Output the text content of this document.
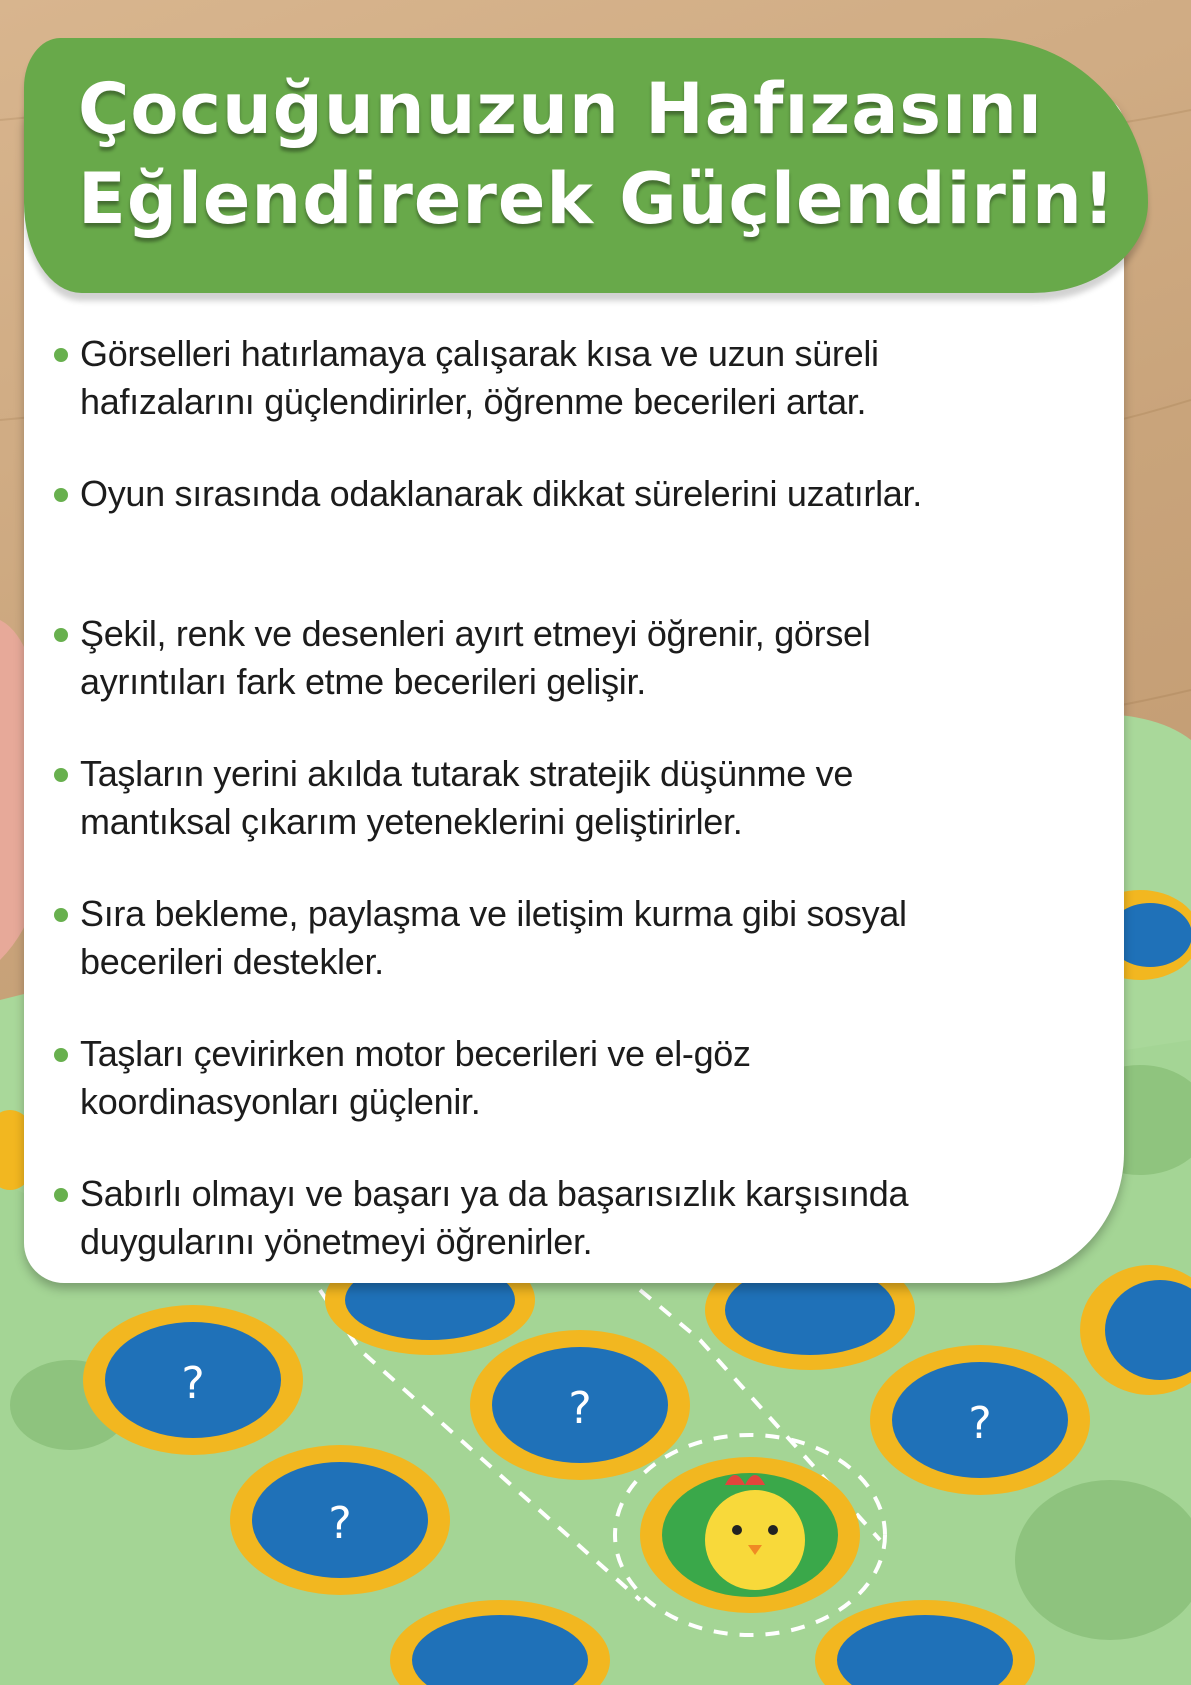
?
?
?	?
Çocuğunuzun Hafızasını
Eğlendirerek Güçlendirin!
Görselleri hatırlamaya çalışarak kısa ve uzun süreli
hafızalarını güçlendirirler, öğrenme becerileri artar.
Oyun sırasında odaklanarak dikkat sürelerini uzatırlar.
Şekil, renk ve desenleri ayırt etmeyi öğrenir, görsel
ayrıntıları fark etme becerileri gelişir.
Taşların yerini akılda tutarak stratejik düşünme ve
mantıksal çıkarım yeteneklerini geliştirirler.
Sıra bekleme, paylaşma ve iletişim kurma gibi sosyal
becerileri destekler.
Taşları çevirirken motor becerileri ve el-göz
koordinasyonları güçlenir.
Sabırlı olmayı ve başarı ya da başarısızlık karşısında
duygularını yönetmeyi öğrenirler.
